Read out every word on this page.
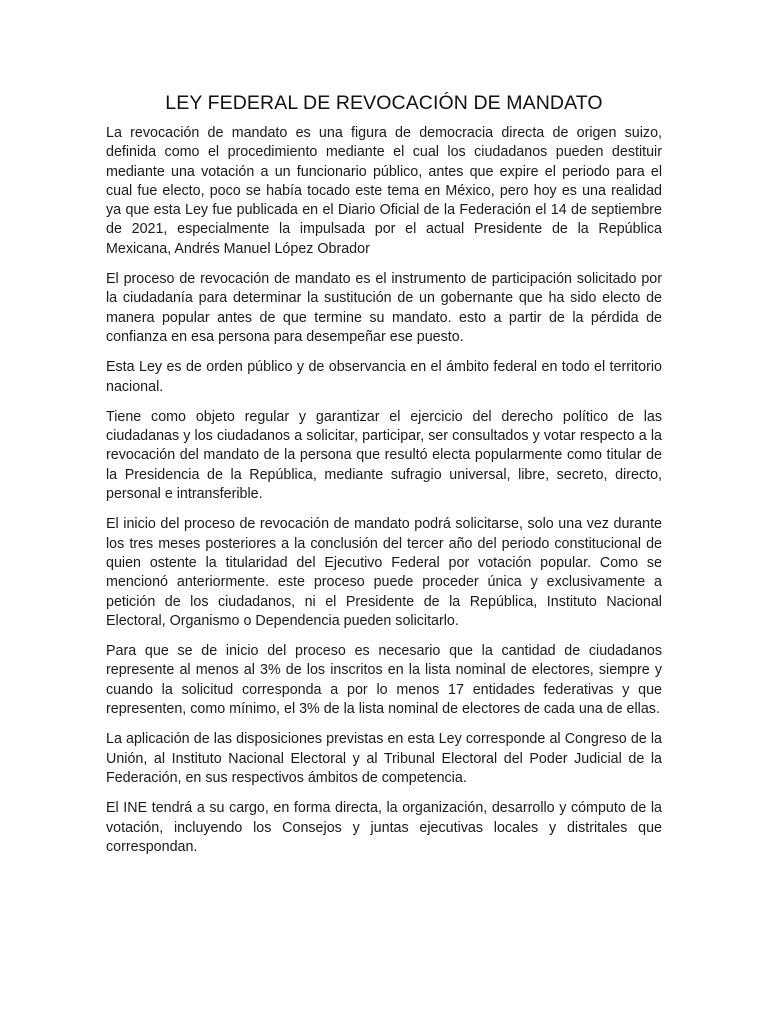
LEY FEDERAL DE REVOCACIÓN DE MANDATO

La revocación de mandato es una figura de democracia directa de origen suizo, definida como el procedimiento mediante el cual los ciudadanos pueden destituir mediante una votación a un funcionario público, antes que expire el periodo para el cual fue electo, poco se había tocado este tema en México, pero hoy es una realidad ya que esta Ley fue publicada en el Diario Oficial de la Federación el 14 de septiembre de 2021, especialmente la impulsada por el actual Presidente de la República Mexicana, Andrés Manuel López Obrador

El proceso de revocación de mandato es el instrumento de participación solicitado por la ciudadanía para determinar la sustitución de un gobernante que ha sido electo de manera popular antes de que termine su mandato. esto a partir de la pérdida de confianza en esa persona para desempeñar ese puesto.

Esta Ley es de orden público y de observancia en el ámbito federal en todo el territorio nacional.

Tiene como objeto regular y garantizar el ejercicio del derecho político de las ciudadanas y los ciudadanos a solicitar, participar, ser consultados y votar respecto a la revocación del mandato de la persona que resultó electa popularmente como titular de la Presidencia de la República, mediante sufragio universal, libre, secreto, directo, personal e intransferible.

El inicio del proceso de revocación de mandato podrá solicitarse, solo una vez durante los tres meses posteriores a la conclusión del tercer año del periodo constitucional de quien ostente la titularidad del Ejecutivo Federal por votación popular. Como se mencionó anteriormente. este proceso puede proceder única y exclusivamente a petición de los ciudadanos, ni el Presidente de la República, Instituto Nacional Electoral, Organismo o Dependencia pueden solicitarlo.

Para que se de inicio del proceso es necesario que la cantidad de ciudadanos represente al menos al 3% de los inscritos en la lista nominal de electores, siempre y cuando la solicitud corresponda a por lo menos 17 entidades federativas y que representen, como mínimo, el 3% de la lista nominal de electores de cada una de ellas.

La aplicación de las disposiciones previstas en esta Ley corresponde al Congreso de la Unión, al Instituto Nacional Electoral y al Tribunal Electoral del Poder Judicial de la Federación, en sus respectivos ámbitos de competencia.

El INE tendrá a su cargo, en forma directa, la organización, desarrollo y cómputo de la votación, incluyendo los Consejos y juntas ejecutivas locales y distritales que correspondan.
